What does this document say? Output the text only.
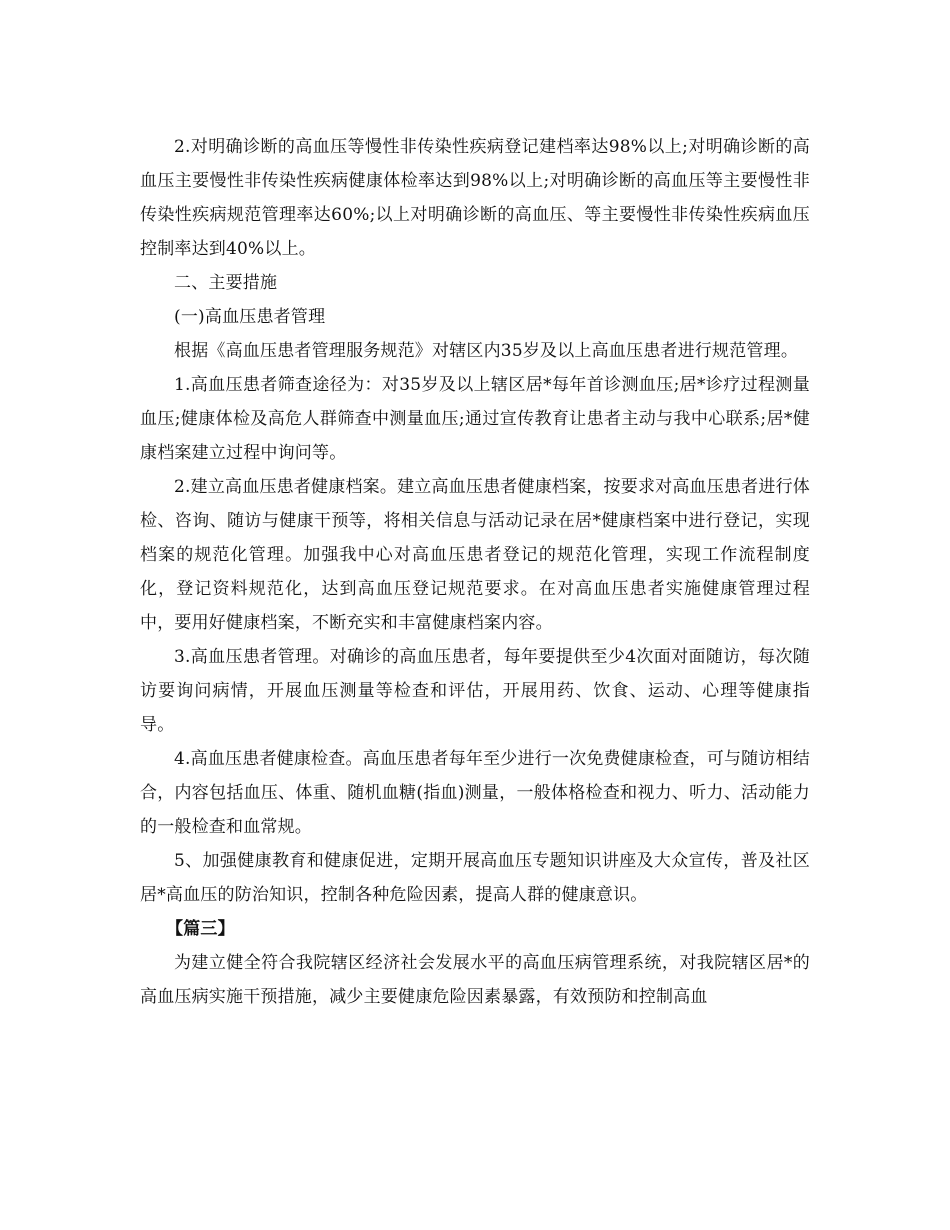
2.对明确诊断的高血压等慢性非传染性疾病登记建档率达98%以上;对明确诊断的高血压主要慢性非传染性疾病健康体检率达到98%以上;对明确诊断的高血压等主要慢性非传染性疾病规范管理率达60%;以上对明确诊断的高血压、等主要慢性非传染性疾病血压控制率达到40%以上。

二、主要措施

(一)高血压患者管理

根据《高血压患者管理服务规范》对辖区内35岁及以上高血压患者进行规范管理。

1.高血压患者筛查途径为：对35岁及以上辖区居*每年首诊测血压;居*诊疗过程测量血压;健康体检及高危人群筛查中测量血压;通过宣传教育让患者主动与我中心联系;居*健康档案建立过程中询问等。

2.建立高血压患者健康档案。建立高血压患者健康档案，按要求对高血压患者进行体检、咨询、随访与健康干预等，将相关信息与活动记录在居*健康档案中进行登记，实现档案的规范化管理。加强我中心对高血压患者登记的规范化管理，实现工作流程制度化，登记资料规范化，达到高血压登记规范要求。在对高血压患者实施健康管理过程中，要用好健康档案，不断充实和丰富健康档案内容。

3.高血压患者管理。对确诊的高血压患者，每年要提供至少4次面对面随访，每次随访要询问病情，开展血压测量等检查和评估，开展用药、饮食、运动、心理等健康指导。

4.高血压患者健康检查。高血压患者每年至少进行一次免费健康检查，可与随访相结合，内容包括血压、体重、随机血糖(指血)测量，一般体格检查和视力、听力、活动能力的一般检查和血常规。

5、加强健康教育和健康促进，定期开展高血压专题知识讲座及大众宣传，普及社区居*高血压的防治知识，控制各种危险因素，提高人群的健康意识。

【篇三】

为建立健全符合我院辖区经济社会发展水平的高血压病管理系统，对我院辖区居*的高血压病实施干预措施，减少主要健康危险因素暴露，有效预防和控制高血
